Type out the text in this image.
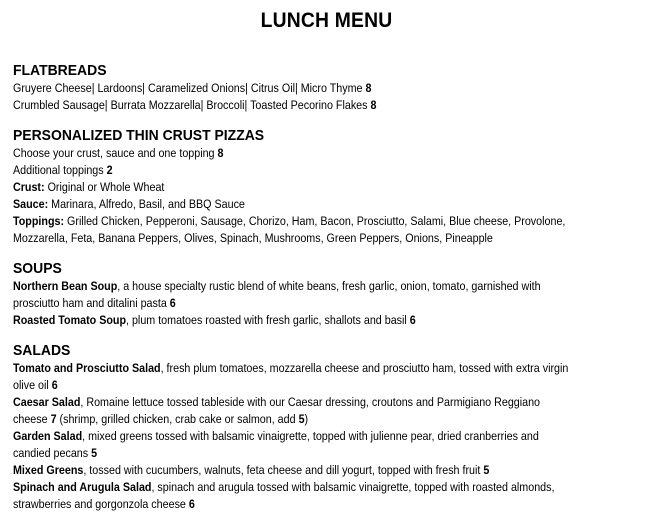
LUNCH MENU
FLATBREADS
Gruyere Cheese| Lardoons| Caramelized Onions| Citrus Oil| Micro Thyme 8
Crumbled Sausage| Burrata Mozzarella| Broccoli| Toasted Pecorino Flakes 8
PERSONALIZED THIN CRUST PIZZAS
Choose your crust, sauce and one topping 8
Additional toppings 2
Crust: Original or Whole Wheat
Sauce: Marinara, Alfredo, Basil, and BBQ Sauce
Toppings: Grilled Chicken, Pepperoni, Sausage, Chorizo, Ham, Bacon, Prosciutto, Salami, Blue cheese, Provolone,
Mozzarella, Feta, Banana Peppers, Olives, Spinach, Mushrooms, Green Peppers, Onions, Pineapple
SOUPS
Northern Bean Soup, a house specialty rustic blend of white beans, fresh garlic, onion, tomato, garnished with
prosciutto ham and ditalini pasta 6
Roasted Tomato Soup, plum tomatoes roasted with fresh garlic, shallots and basil 6
SALADS
Tomato and Prosciutto Salad, fresh plum tomatoes, mozzarella cheese and prosciutto ham, tossed with extra virgin
olive oil 6
Caesar Salad, Romaine lettuce tossed tableside with our Caesar dressing, croutons and Parmigiano Reggiano
cheese 7 (shrimp, grilled chicken, crab cake or salmon, add 5)
Garden Salad, mixed greens tossed with balsamic vinaigrette, topped with julienne pear, dried cranberries and
candied pecans 5
Mixed Greens, tossed with cucumbers, walnuts, feta cheese and dill yogurt, topped with fresh fruit 5
Spinach and Arugula Salad, spinach and arugula tossed with balsamic vinaigrette, topped with roasted almonds,
strawberries and gorgonzola cheese 6
